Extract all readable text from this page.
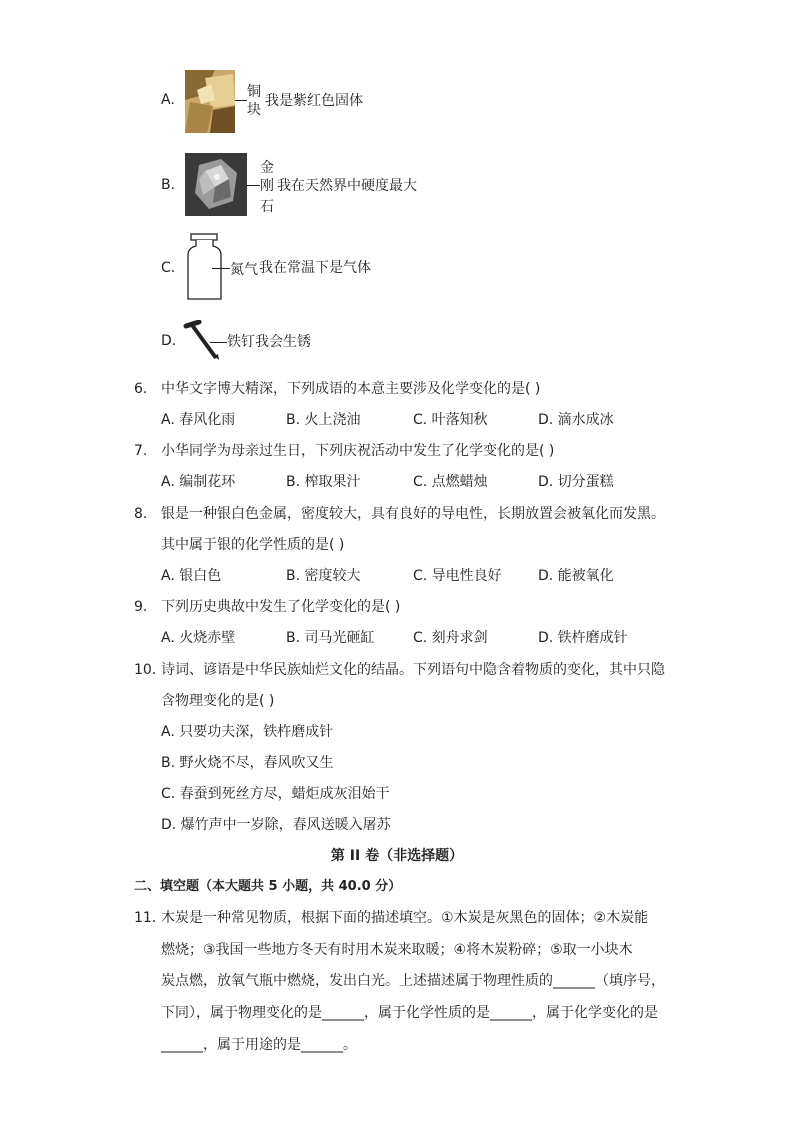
A.	铜
块
我是紫红色固体
B.
金
刚
石
我在天然界中硬度最大
C.	氮气 我在常温下是气体
D.	铁钉 我会生锈
6. 中华文字博大精深，下列成语的本意主要涉及化学变化的是( )
A. 春风化雨	B. 火上浇油	C. 叶落知秋	D. 滴水成冰
7. 小华同学为母亲过生日，下列庆祝活动中发生了化学变化的是( )
A. 编制花环	B. 榨取果汁	C. 点燃蜡烛	D. 切分蛋糕
8. 银是一种银白色金属，密度较大，具有良好的导电性，长期放置会被氧化而发黑。
其中属于银的化学性质的是( )
A. 银白色	B. 密度较大	C. 导电性良好	D. 能被氧化
9. 下列历史典故中发生了化学变化的是( )
A. 火烧赤壁	B. 司马光砸缸	C. 刻舟求剑	D. 铁杵磨成针
10. 诗词、谚语是中华民族灿烂文化的结晶。下列语句中隐含着物质的变化，其中只隐
含物理变化的是( )
A. 只要功夫深，铁杵磨成针
B. 野火烧不尽，春风吹又生
C. 春蚕到死丝方尽，蜡炬成灰泪始干
D. 爆竹声中一岁除，春风送暖入屠苏
第 II 卷（非选择题）
二、填空题（本大题共 5 小题，共 40.0 分）
11. 木炭是一种常见物质，根据下面的描述填空。①木炭是灰黑色的固体；②木炭能
燃烧；③我国一些地方冬天有时用木炭来取暖；④将木炭粉碎；⑤取一小块木
炭点燃，放氧气瓶中燃烧，发出白光。上述描述属于物理性质的______（填序号，
下同），属于物理变化的是______，属于化学性质的是______，属于化学变化的是
______，属于用途的是______。
